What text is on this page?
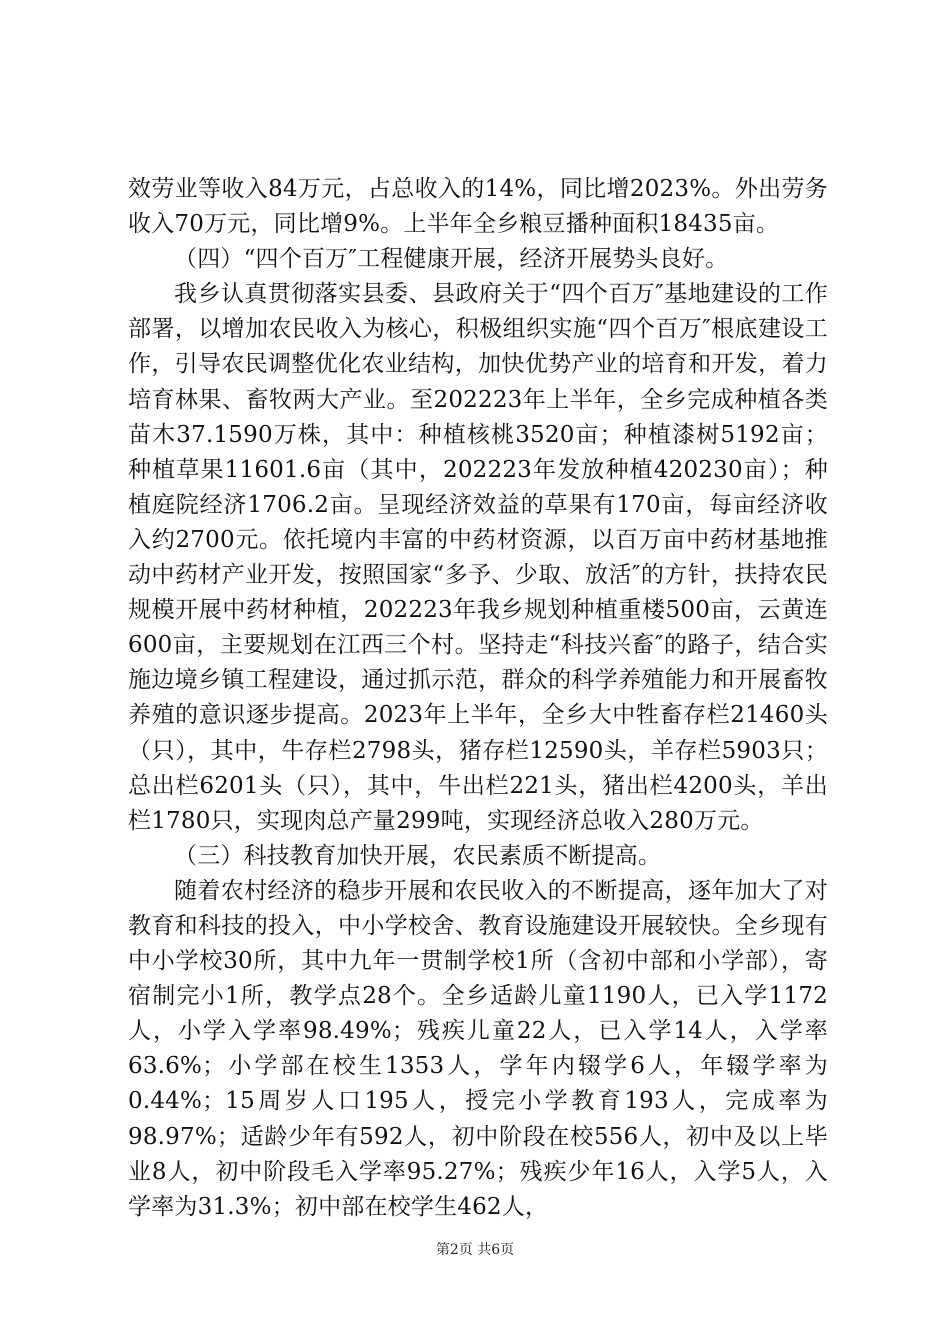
效劳业等收入84万元，占总收入的14%，同比增2023%。外出劳务收入70万元，同比增9%。上半年全乡粮豆播种面积18435亩。

（四）“四个百万″工程健康开展，经济开展势头良好。

我乡认真贯彻落实县委、县政府关于“四个百万″基地建设的工作部署，以增加农民收入为核心，积极组织实施“四个百万″根底建设工作，引导农民调整优化农业结构，加快优势产业的培育和开发，着力培育林果、畜牧两大产业。至202223年上半年，全乡完成种植各类苗木37.1590万株，其中：种植核桃3520亩；种植漆树5192亩；种植草果11601.6亩（其中，202223年发放种植420230亩）；种植庭院经济1706.2亩。呈现经济效益的草果有170亩，每亩经济收入约2700元。依托境内丰富的中药材资源，以百万亩中药材基地推动中药材产业开发，按照国家“多予、少取、放活″的方针，扶持农民规模开展中药材种植，202223年我乡规划种植重楼500亩，云黄连600亩，主要规划在江西三个村。坚持走“科技兴畜″的路子，结合实施边境乡镇工程建设，通过抓示范，群众的科学养殖能力和开展畜牧养殖的意识逐步提高。2023年上半年，全乡大中牲畜存栏21460头（只），其中，牛存栏2798头，猪存栏12590头，羊存栏5903只；总出栏6201头（只），其中，牛出栏221头，猪出栏4200头，羊出栏1780只，实现肉总产量299吨，实现经济总收入280万元。

（三）科技教育加快开展，农民素质不断提高。

随着农村经济的稳步开展和农民收入的不断提高，逐年加大了对教育和科技的投入，中小学校舍、教育设施建设开展较快。全乡现有中小学校30所，其中九年一贯制学校1所（含初中部和小学部），寄宿制完小1所，教学点28个。全乡适龄儿童1190人，已入学1172人，小学入学率98.49%；残疾儿童22人，已入学14人，入学率63.6%；小学部在校生1353人，学年内辍学6人，年辍学率为0.44%；15周岁人口195人，授完小学教育193人，完成率为98.97%；适龄少年有592人，初中阶段在校556人，初中及以上毕业8人，初中阶段毛入学率95.27%；残疾少年16人，入学5人，入学率为31.3%；初中部在校学生462人，

第2页 共6页
